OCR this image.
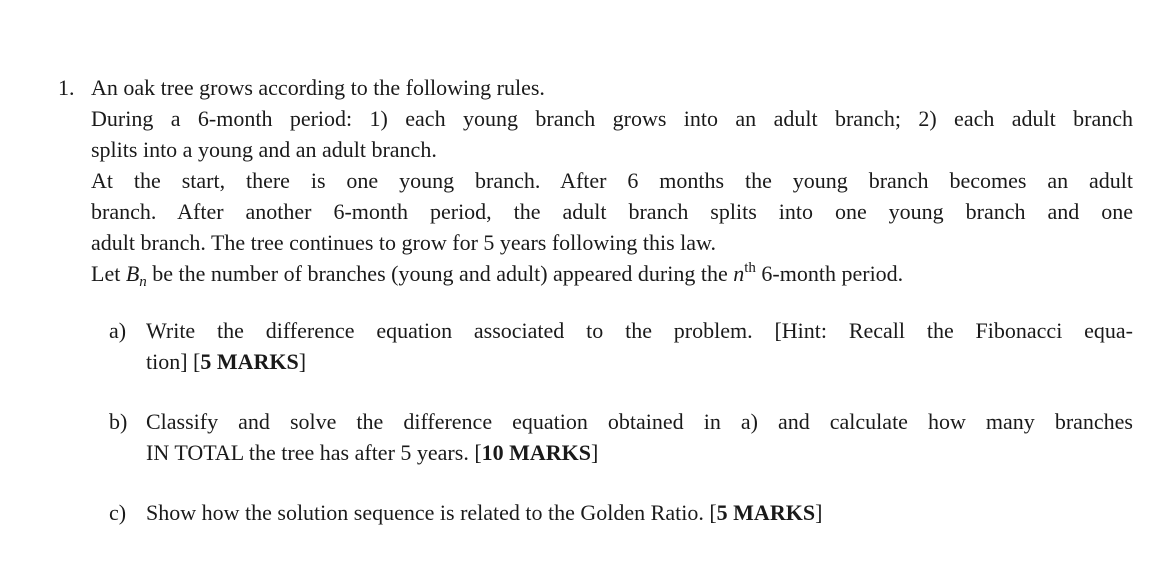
1. An oak tree grows according to the following rules.

During a 6-month period: 1) each young branch grows into an adult branch; 2) each adult branch

splits into a young and an adult branch.

At the start, there is one young branch. After 6 months the young branch becomes an adult

branch. After another 6-month period, the adult branch splits into one young branch and one

adult branch. The tree continues to grow for 5 years following this law.

Let $B_n$ be the number of branches (young and adult) appeared during the $n^{th}$ 6-month period.

a) Write the difference equation associated to the problem. [Hint: Recall the Fibonacci equa-
tion] [5 MARKS]
b) Classify and solve the difference equation obtained in a) and calculate how many branches
IN TOTAL the tree has after 5 years. [10 MARKS]
c) Show how the solution sequence is related to the Golden Ratio. [5 MARKS]
